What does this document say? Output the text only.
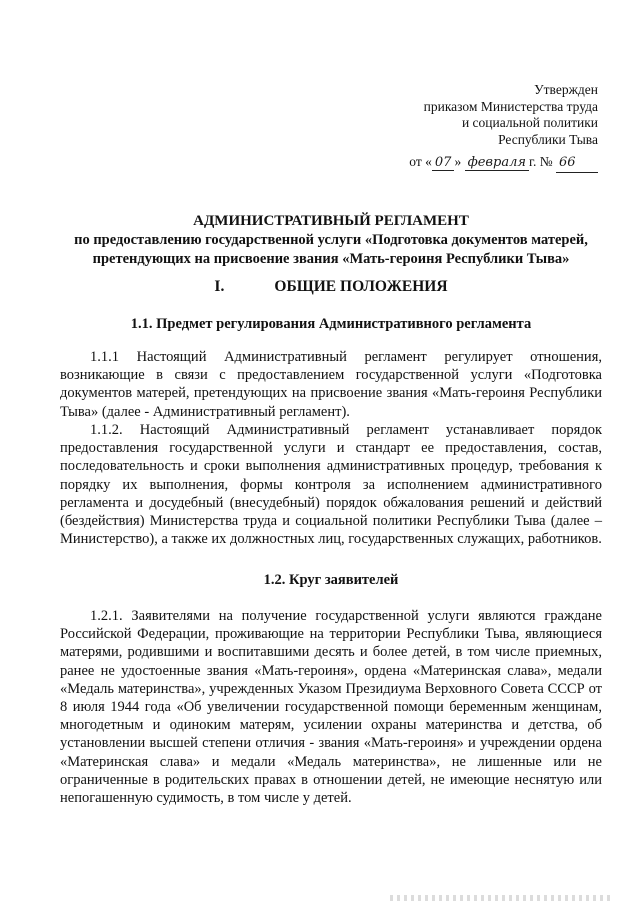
Утвержден
приказом Министерства труда
и социальной политики
Республики Тыва
от « 07 » февраля г. № 66
АДМИНИСТРАТИВНЫЙ РЕГЛАМЕНТ
по предоставлению государственной услуги «Подготовка документов матерей,
претендующих на присвоение звания «Мать-героиня Республики Тыва»
I.	ОБЩИЕ ПОЛОЖЕНИЯ
1.1. Предмет регулирования Административного регламента
1.1.1 Настоящий Административный регламент регулирует отношения, возникающие в связи с предоставлением государственной услуги «Подготовка документов матерей, претендующих на присвоение звания «Мать-героиня Республики Тыва» (далее - Административный регламент).
1.1.2. Настоящий Административный регламент устанавливает порядок предоставления государственной услуги и стандарт ее предоставления, состав, последовательность и сроки выполнения административных процедур, требования к порядку их выполнения, формы контроля за исполнением административного регламента и досудебный (внесудебный) порядок обжалования решений и действий (бездействия) Министерства труда и социальной политики Республики Тыва (далее – Министерство), а также их должностных лиц, государственных служащих, работников.
1.2. Круг заявителей
1.2.1. Заявителями на получение государственной услуги являются граждане Российской Федерации, проживающие на территории Республики Тыва, являющиеся матерями, родившими и воспитавшими десять и более детей, в том числе приемных, ранее не удостоенные звания «Мать-героиня», ордена «Материнская слава», медали «Медаль материнства», учрежденных Указом Президиума Верховного Совета СССР от 8 июля 1944 года «Об увеличении государственной помощи беременным женщинам, многодетным и одиноким матерям, усилении охраны материнства и детства, об установлении высшей степени отличия - звания «Мать-героиня» и учреждении ордена «Материнская слава» и медали «Медаль материнства», не лишенные или не ограниченные в родительских правах в отношении детей, не имеющие неснятую или непогашенную судимость, в том числе у детей.
